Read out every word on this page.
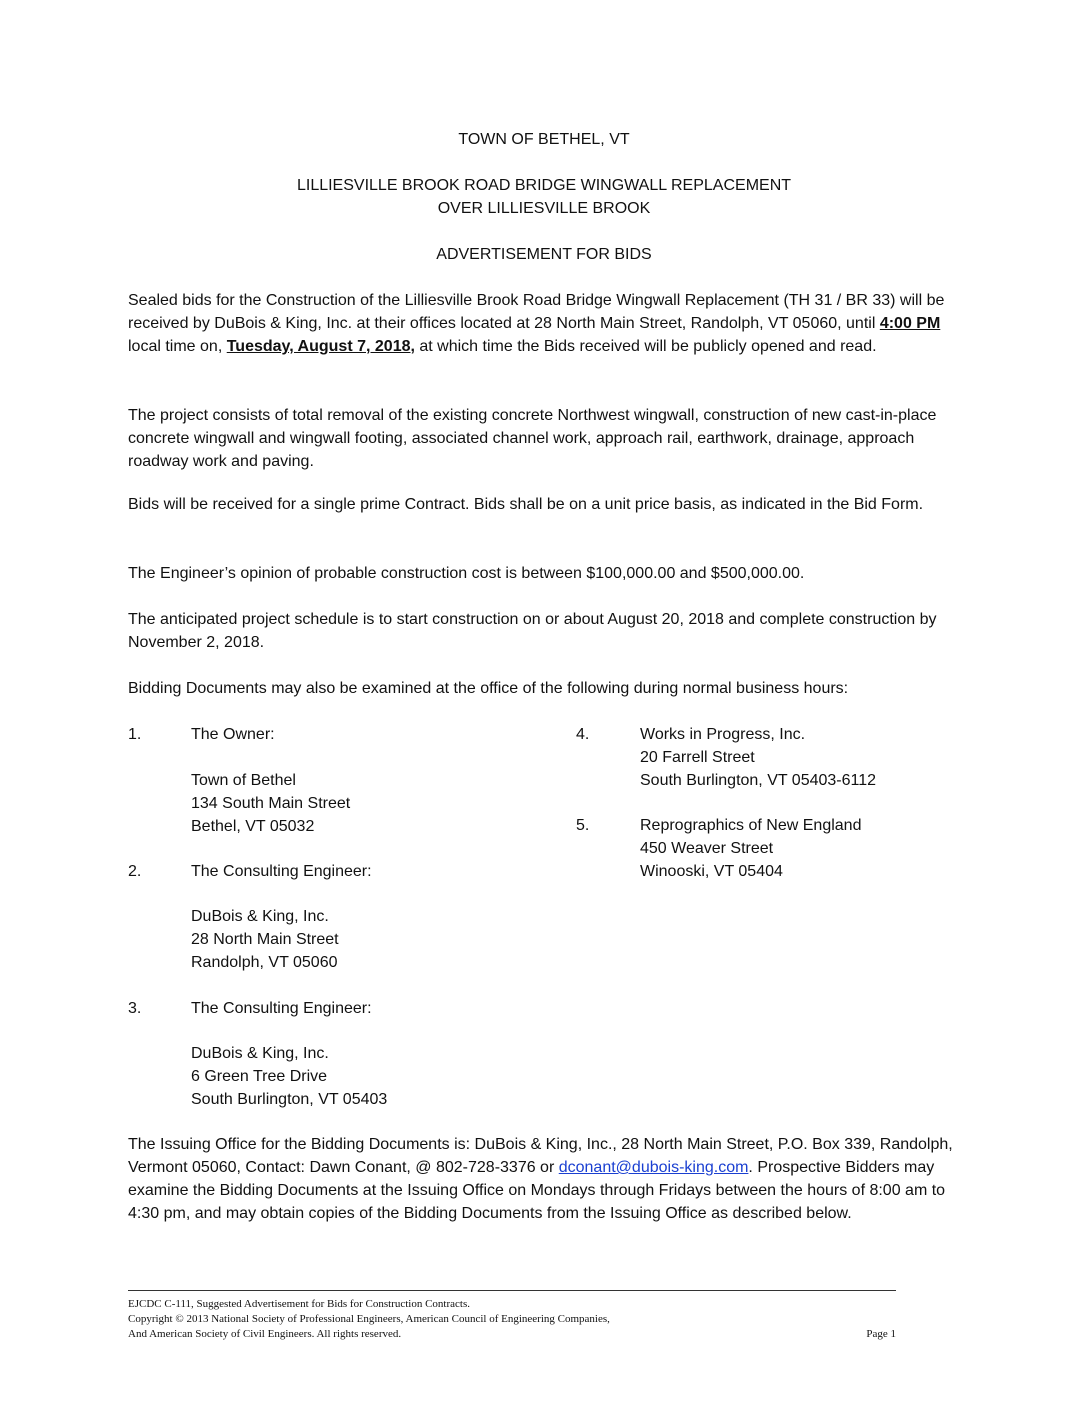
TOWN OF BETHEL, VT
LILLIESVILLE BROOK ROAD BRIDGE WINGWALL REPLACEMENT
OVER LILLIESVILLE BROOK
ADVERTISEMENT FOR BIDS
Sealed bids for the Construction of the Lilliesville Brook Road Bridge Wingwall Replacement (TH 31 / BR 33) will be received by DuBois & King, Inc. at their offices located at 28 North Main Street, Randolph, VT 05060, until 4:00 PM local time on, Tuesday, August 7, 2018, at which time the Bids received will be publicly opened and read.
The project consists of total removal of the existing concrete Northwest wingwall, construction of new cast-in-place concrete wingwall and wingwall footing, associated channel work, approach rail, earthwork, drainage, approach roadway work and paving.
Bids will be received for a single prime Contract. Bids shall be on a unit price basis, as indicated in the Bid Form.
The Engineer’s opinion of probable construction cost is between $100,000.00 and $500,000.00.
The anticipated project schedule is to start construction on or about August 20, 2018 and complete construction by November 2, 2018.
Bidding Documents may also be examined at the office of the following during normal business hours:
1.	The Owner:
Town of Bethel
134 South Main Street
Bethel, VT 05032
2.	The Consulting Engineer:
DuBois & King, Inc.
28 North Main Street
Randolph, VT 05060
3.	The Consulting Engineer:
DuBois & King, Inc.
6 Green Tree Drive
South Burlington, VT 05403
4.	Works in Progress, Inc.
20 Farrell Street
South Burlington, VT 05403-6112
5.	Reprographics of New England
450 Weaver Street
Winooski, VT 05404
The Issuing Office for the Bidding Documents is: DuBois & King, Inc., 28 North Main Street, P.O. Box 339, Randolph, Vermont 05060, Contact: Dawn Conant, @ 802-728-3376 or dconant@dubois-king.com. Prospective Bidders may examine the Bidding Documents at the Issuing Office on Mondays through Fridays between the hours of 8:00 am to 4:30 pm, and may obtain copies of the Bidding Documents from the Issuing Office as described below.
EJCDC C-111, Suggested Advertisement for Bids for Construction Contracts.
Copyright © 2013 National Society of Professional Engineers, American Council of Engineering Companies,
And American Society of Civil Engineers. All rights reserved.	Page 1
